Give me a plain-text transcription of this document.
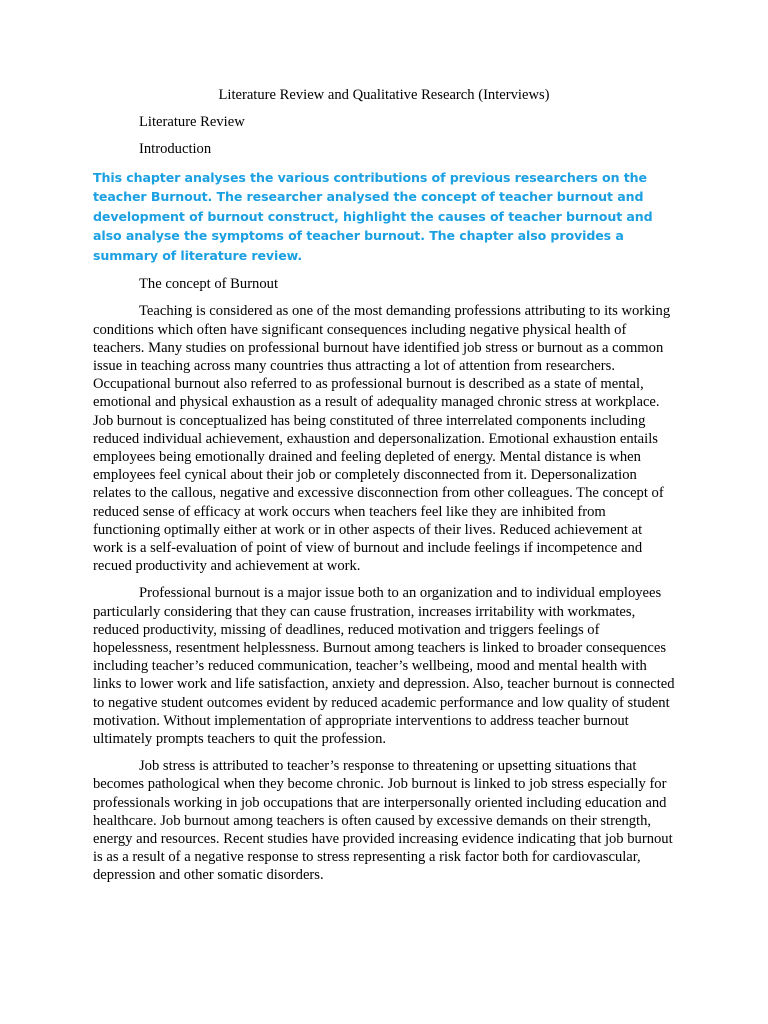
Literature Review and Qualitative Research (Interviews)

Literature Review

Introduction

This chapter analyses the various contributions of previous researchers on the teacher Burnout. The researcher analysed the concept of teacher burnout and development of burnout construct, highlight the causes of teacher burnout and also analyse the symptoms of teacher burnout. The chapter also provides a summary of literature review.

The concept of Burnout

Teaching is considered as one of the most demanding professions attributing to its working conditions which often have significant consequences including negative physical health of teachers. Many studies on professional burnout have identified job stress or burnout as a common issue in teaching across many countries thus attracting a lot of attention from researchers. Occupational burnout also referred to as professional burnout is described as a state of mental, emotional and physical exhaustion as a result of adequality managed chronic stress at workplace. Job burnout is conceptualized has being constituted of three interrelated components including reduced individual achievement, exhaustion and depersonalization. Emotional exhaustion entails employees being emotionally drained and feeling depleted of energy. Mental distance is when employees feel cynical about their job or completely disconnected from it. Depersonalization relates to the callous, negative and excessive disconnection from other colleagues. The concept of reduced sense of efficacy at work occurs when teachers feel like they are inhibited from functioning optimally either at work or in other aspects of their lives. Reduced achievement at work is a self-evaluation of point of view of burnout and include feelings if incompetence and recued productivity and achievement at work.

Professional burnout is a major issue both to an organization and to individual employees particularly considering that they can cause frustration, increases irritability with workmates, reduced productivity, missing of deadlines, reduced motivation and triggers feelings of hopelessness, resentment helplessness. Burnout among teachers is linked to broader consequences including teacher’s reduced communication, teacher’s wellbeing, mood and mental health with links to lower work and life satisfaction, anxiety and depression. Also, teacher burnout is connected to negative student outcomes evident by reduced academic performance and low quality of student motivation. Without implementation of appropriate interventions to address teacher burnout ultimately prompts teachers to quit the profession.

Job stress is attributed to teacher’s response to threatening or upsetting situations that becomes pathological when they become chronic. Job burnout is linked to job stress especially for professionals working in job occupations that are interpersonally oriented including education and healthcare. Job burnout among teachers is often caused by excessive demands on their strength, energy and resources. Recent studies have provided increasing evidence indicating that job burnout is as a result of a negative response to stress representing a risk factor both for cardiovascular, depression and other somatic disorders.
